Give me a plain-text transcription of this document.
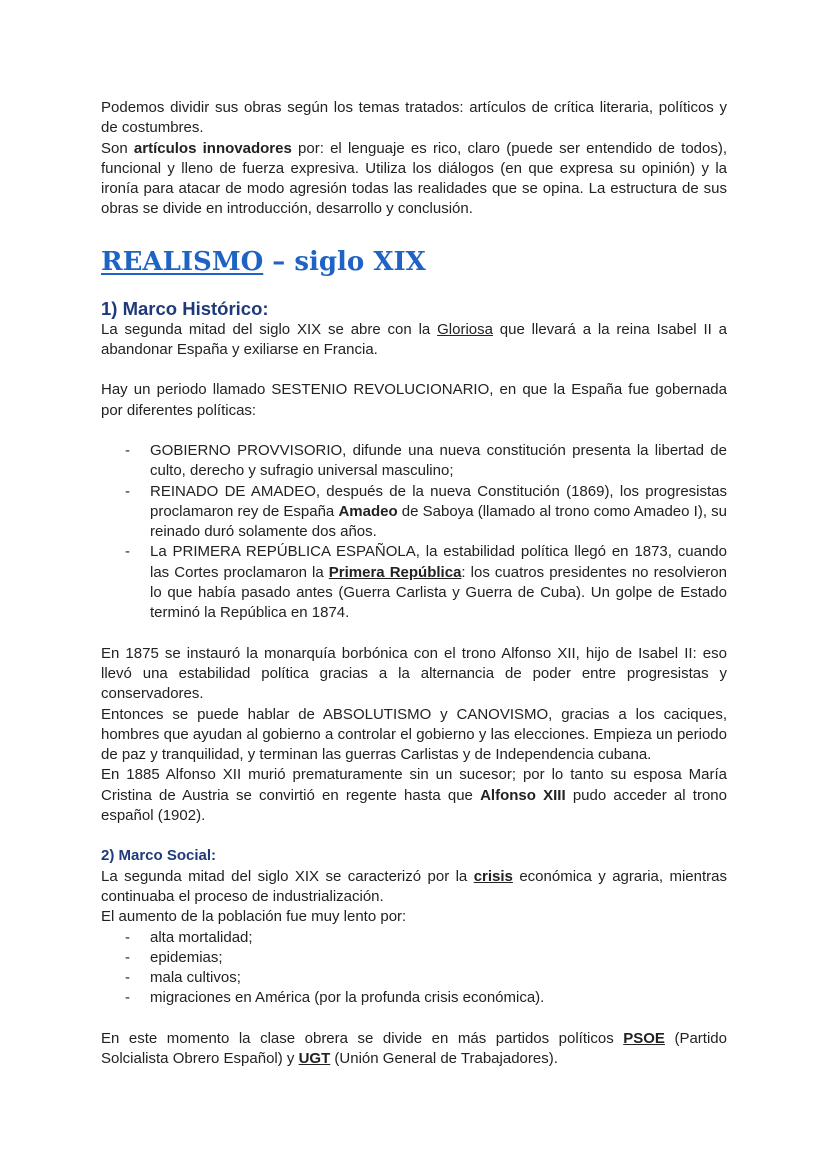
Podemos dividir sus obras según los temas tratados: artículos de crítica literaria, políticos y de costumbres.

Son artículos innovadores por: el lenguaje es rico, claro (puede ser entendido de todos), funcional y lleno de fuerza expresiva. Utiliza los diálogos (en que expresa su opinión) y la ironía para atacar de modo agresión todas las realidades que se opina. La estructura de sus obras se divide en introducción, desarrollo y conclusión.

REALISMO – siglo XIX
1) Marco Histórico:

La segunda mitad del siglo XIX se abre con la Gloriosa que llevará a la reina Isabel II a abandonar España y exiliarse en Francia.

Hay un periodo llamado SESTENIO REVOLUCIONARIO, en que la España fue gobernada por diferentes políticas:

- GOBIERNO PROVVISORIO, difunde una nueva constitución presenta la libertad de culto, derecho y sufragio universal masculino;
- REINADO DE AMADEO, después de la nueva Constitución (1869), los progresistas proclamaron rey de España Amadeo de Saboya (llamado al trono como Amadeo I), su reinado duró solamente dos años.
- La PRIMERA REPÚBLICA ESPAÑOLA, la estabilidad política llegó en 1873, cuando las Cortes proclamaron la Primera República: los cuatros presidentes no resolvieron lo que había pasado antes (Guerra Carlista y Guerra de Cuba). Un golpe de Estado terminó la República en 1874.

En 1875 se instauró la monarquía borbónica con el trono Alfonso XII, hijo de Isabel II: eso llevó una estabilidad política gracias a la alternancia de poder entre progresistas y conservadores.

Entonces se puede hablar de ABSOLUTISMO y CANOVISMO, gracias a los caciques, hombres que ayudan al gobierno a controlar el gobierno y las elecciones. Empieza un periodo de paz y tranquilidad, y terminan las guerras Carlistas y de Independencia cubana.

En 1885 Alfonso XII murió prematuramente sin un sucesor; por lo tanto su esposa María Cristina de Austria se convirtió en regente hasta que Alfonso XIII pudo acceder al trono español (1902).

2) Marco Social:

La segunda mitad del siglo XIX se caracterizó por la crisis económica y agraria, mientras continuaba el proceso de industrialización.

El aumento de la población fue muy lento por:

- alta mortalidad;
- epidemias;
- mala cultivos;
- migraciones en América (por la profunda crisis económica).

En este momento la clase obrera se divide en más partidos políticos PSOE (Partido Solcialista Obrero Español) y UGT (Unión General de Trabajadores).
